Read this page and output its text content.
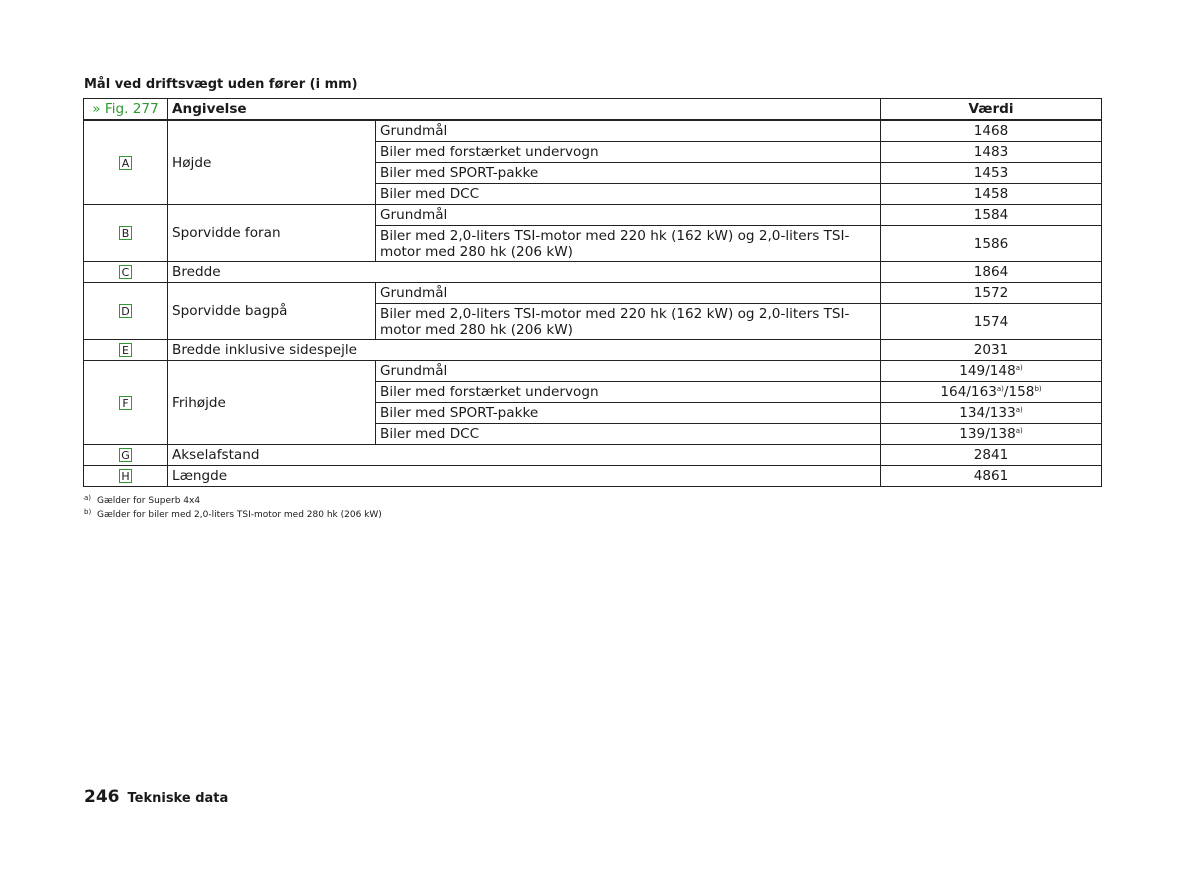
Mål ved driftsvægt uden fører (i mm)
» Fig. 277	Angivelse		Værdi
A	Højde	Grundmål	1468
		Biler med forstærket undervogn	1483
		Biler med SPORT-pakke	1453
		Biler med DCC	1458
B	Sporvidde foran	Grundmål	1584
		Biler med 2,0-liters TSI-motor med 220 hk (162 kW) og 2,0-liters TSI-motor med 280 hk (206 kW)	1586
C	Bredde		1864
D	Sporvidde bagpå	Grundmål	1572
		Biler med 2,0-liters TSI-motor med 220 hk (162 kW) og 2,0-liters TSI-motor med 280 hk (206 kW)	1574
E	Bredde inklusive sidespejle		2031
F	Frihøjde	Grundmål	149/148$^{a)}$
		Biler med forstærket undervogn	164/163$^{a)}$/158$^{b)}$
		Biler med SPORT-pakke	134/133$^{a)}$
		Biler med DCC	139/138$^{a)}$
G	Akselafstand		2841
H	Længde		4861
a) Gælder for Superb 4x4
b) Gælder for biler med 2,0-liters TSI-motor med 280 hk (206 kW)
246 Tekniske data
